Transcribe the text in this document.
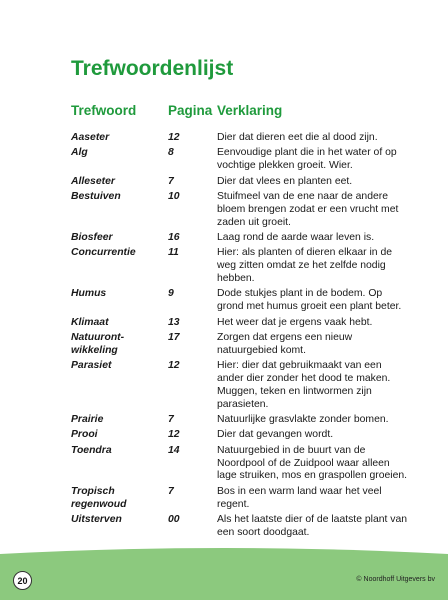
Trefwoordenlijst
Trefwoord Pagina Verklaring
Aaseter	12	Dier dat dieren eet die al dood zijn.
Alg	8	Eenvoudige plant die in het water of op
vochtige plekken groeit. Wier.
Alleseter	7	Dier dat vlees en planten eet.
Bestuiven	10	Stuifmeel van de ene naar de andere
bloem brengen zodat er een vrucht met
zaden uit groeit.
Biosfeer	16	Laag rond de aarde waar leven is.
Concurrentie	11	Hier: als planten of dieren elkaar in de
weg zitten omdat ze het zelfde nodig
hebben.
Humus	9	Dode stukjes plant in de bodem. Op
grond met humus groeit een plant beter.
Klimaat	13	Het weer dat je ergens vaak hebt.
Natuuront-
wikkeling
17	Zorgen dat ergens een nieuw
natuurgebied komt.
Parasiet	12	Hier: dier dat gebruikmaakt van een
ander dier zonder het dood te maken.
Muggen, teken en lintwormen zijn
parasieten.
Prairie	7	Natuurlijke grasvlakte zonder bomen.
Prooi	12	Dier dat gevangen wordt.
Toendra	14	Natuurgebied in de buurt van de
Noordpool of de Zuidpool waar alleen
lage struiken, mos en graspollen groeien.
Tropisch regenwoud
7	Bos in een warm land waar het veel
regent.
Uitsterven	00	Als het laatste dier of de laatste plant van
een soort doodgaat.
20	© Noordhoff Uitgevers bv
